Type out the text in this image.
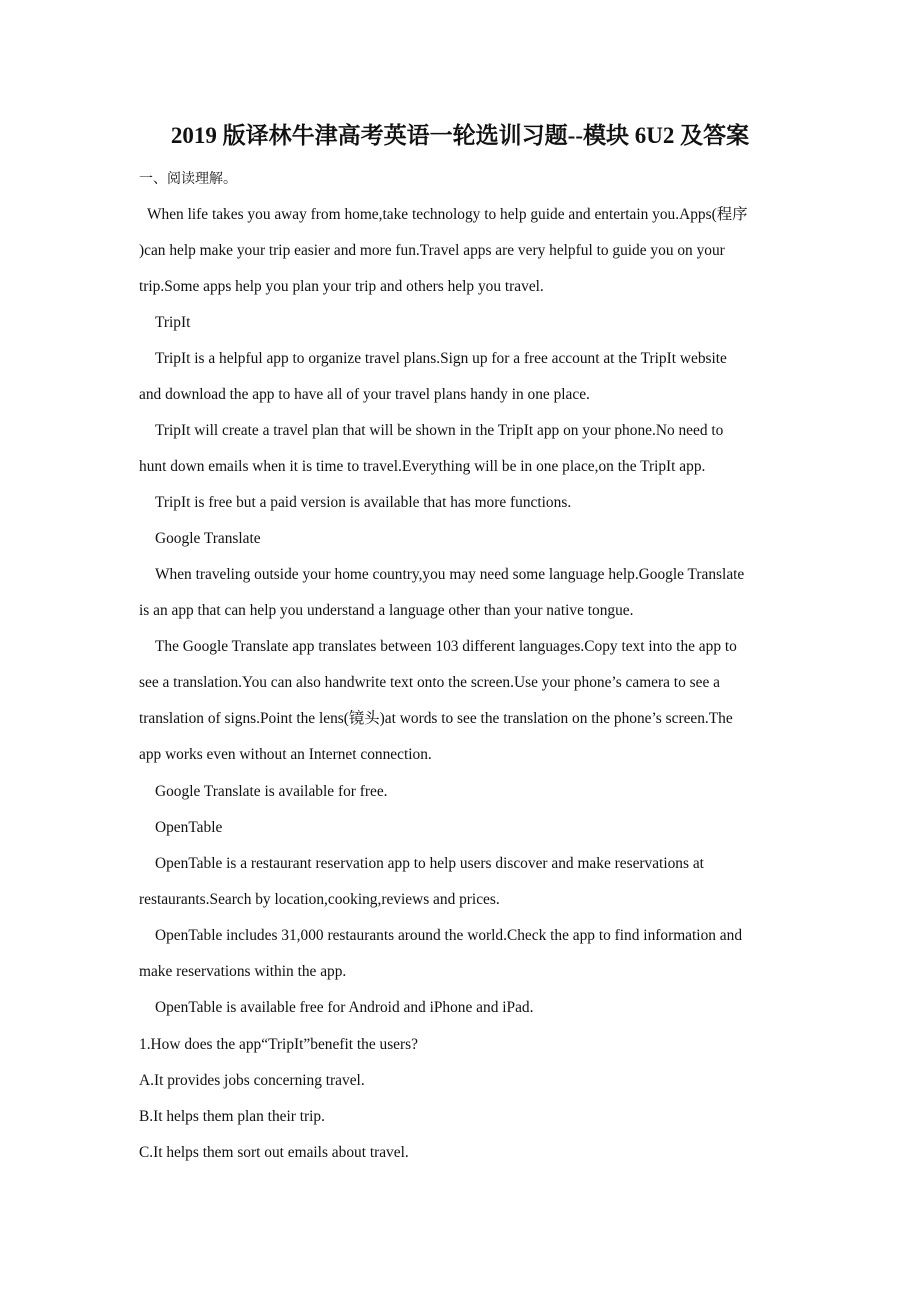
2019 版译林牛津高考英语一轮选训习题--模块 6U2 及答案
一、阅读理解。
When life takes you away from home,take technology to help guide and entertain you.Apps(程序
)can help make your trip easier and more fun.Travel apps are very helpful to guide you on your
trip.Some apps help you plan your trip and others help you travel.
TripIt
TripIt is a helpful app to organize travel plans.Sign up for a free account at the TripIt website
and download the app to have all of your travel plans handy in one place.
TripIt will create a travel plan that will be shown in the TripIt app on your phone.No need to
hunt down emails when it is time to travel.Everything will be in one place,on the TripIt app.
TripIt is free but a paid version is available that has more functions.
Google Translate
When traveling outside your home country,you may need some language help.Google Translate
is an app that can help you understand a language other than your native tongue.
The Google Translate app translates between 103 different languages.Copy text into the app to
see a translation.You can also handwrite text onto the screen.Use your phone’s camera to see a
translation of signs.Point the lens(镜头)at words to see the translation on the phone’s screen.The
app works even without an Internet connection.
Google Translate is available for free.
OpenTable
OpenTable is a restaurant reservation app to help users discover and make reservations at
restaurants.Search by location,cooking,reviews and prices.
OpenTable includes 31,000 restaurants around the world.Check the app to find information and
make reservations within the app.
OpenTable is available free for Android and iPhone and iPad.
1.How does the app“TripIt”benefit the users?
A.It provides jobs concerning travel.
B.It helps them plan their trip.
C.It helps them sort out emails about travel.
